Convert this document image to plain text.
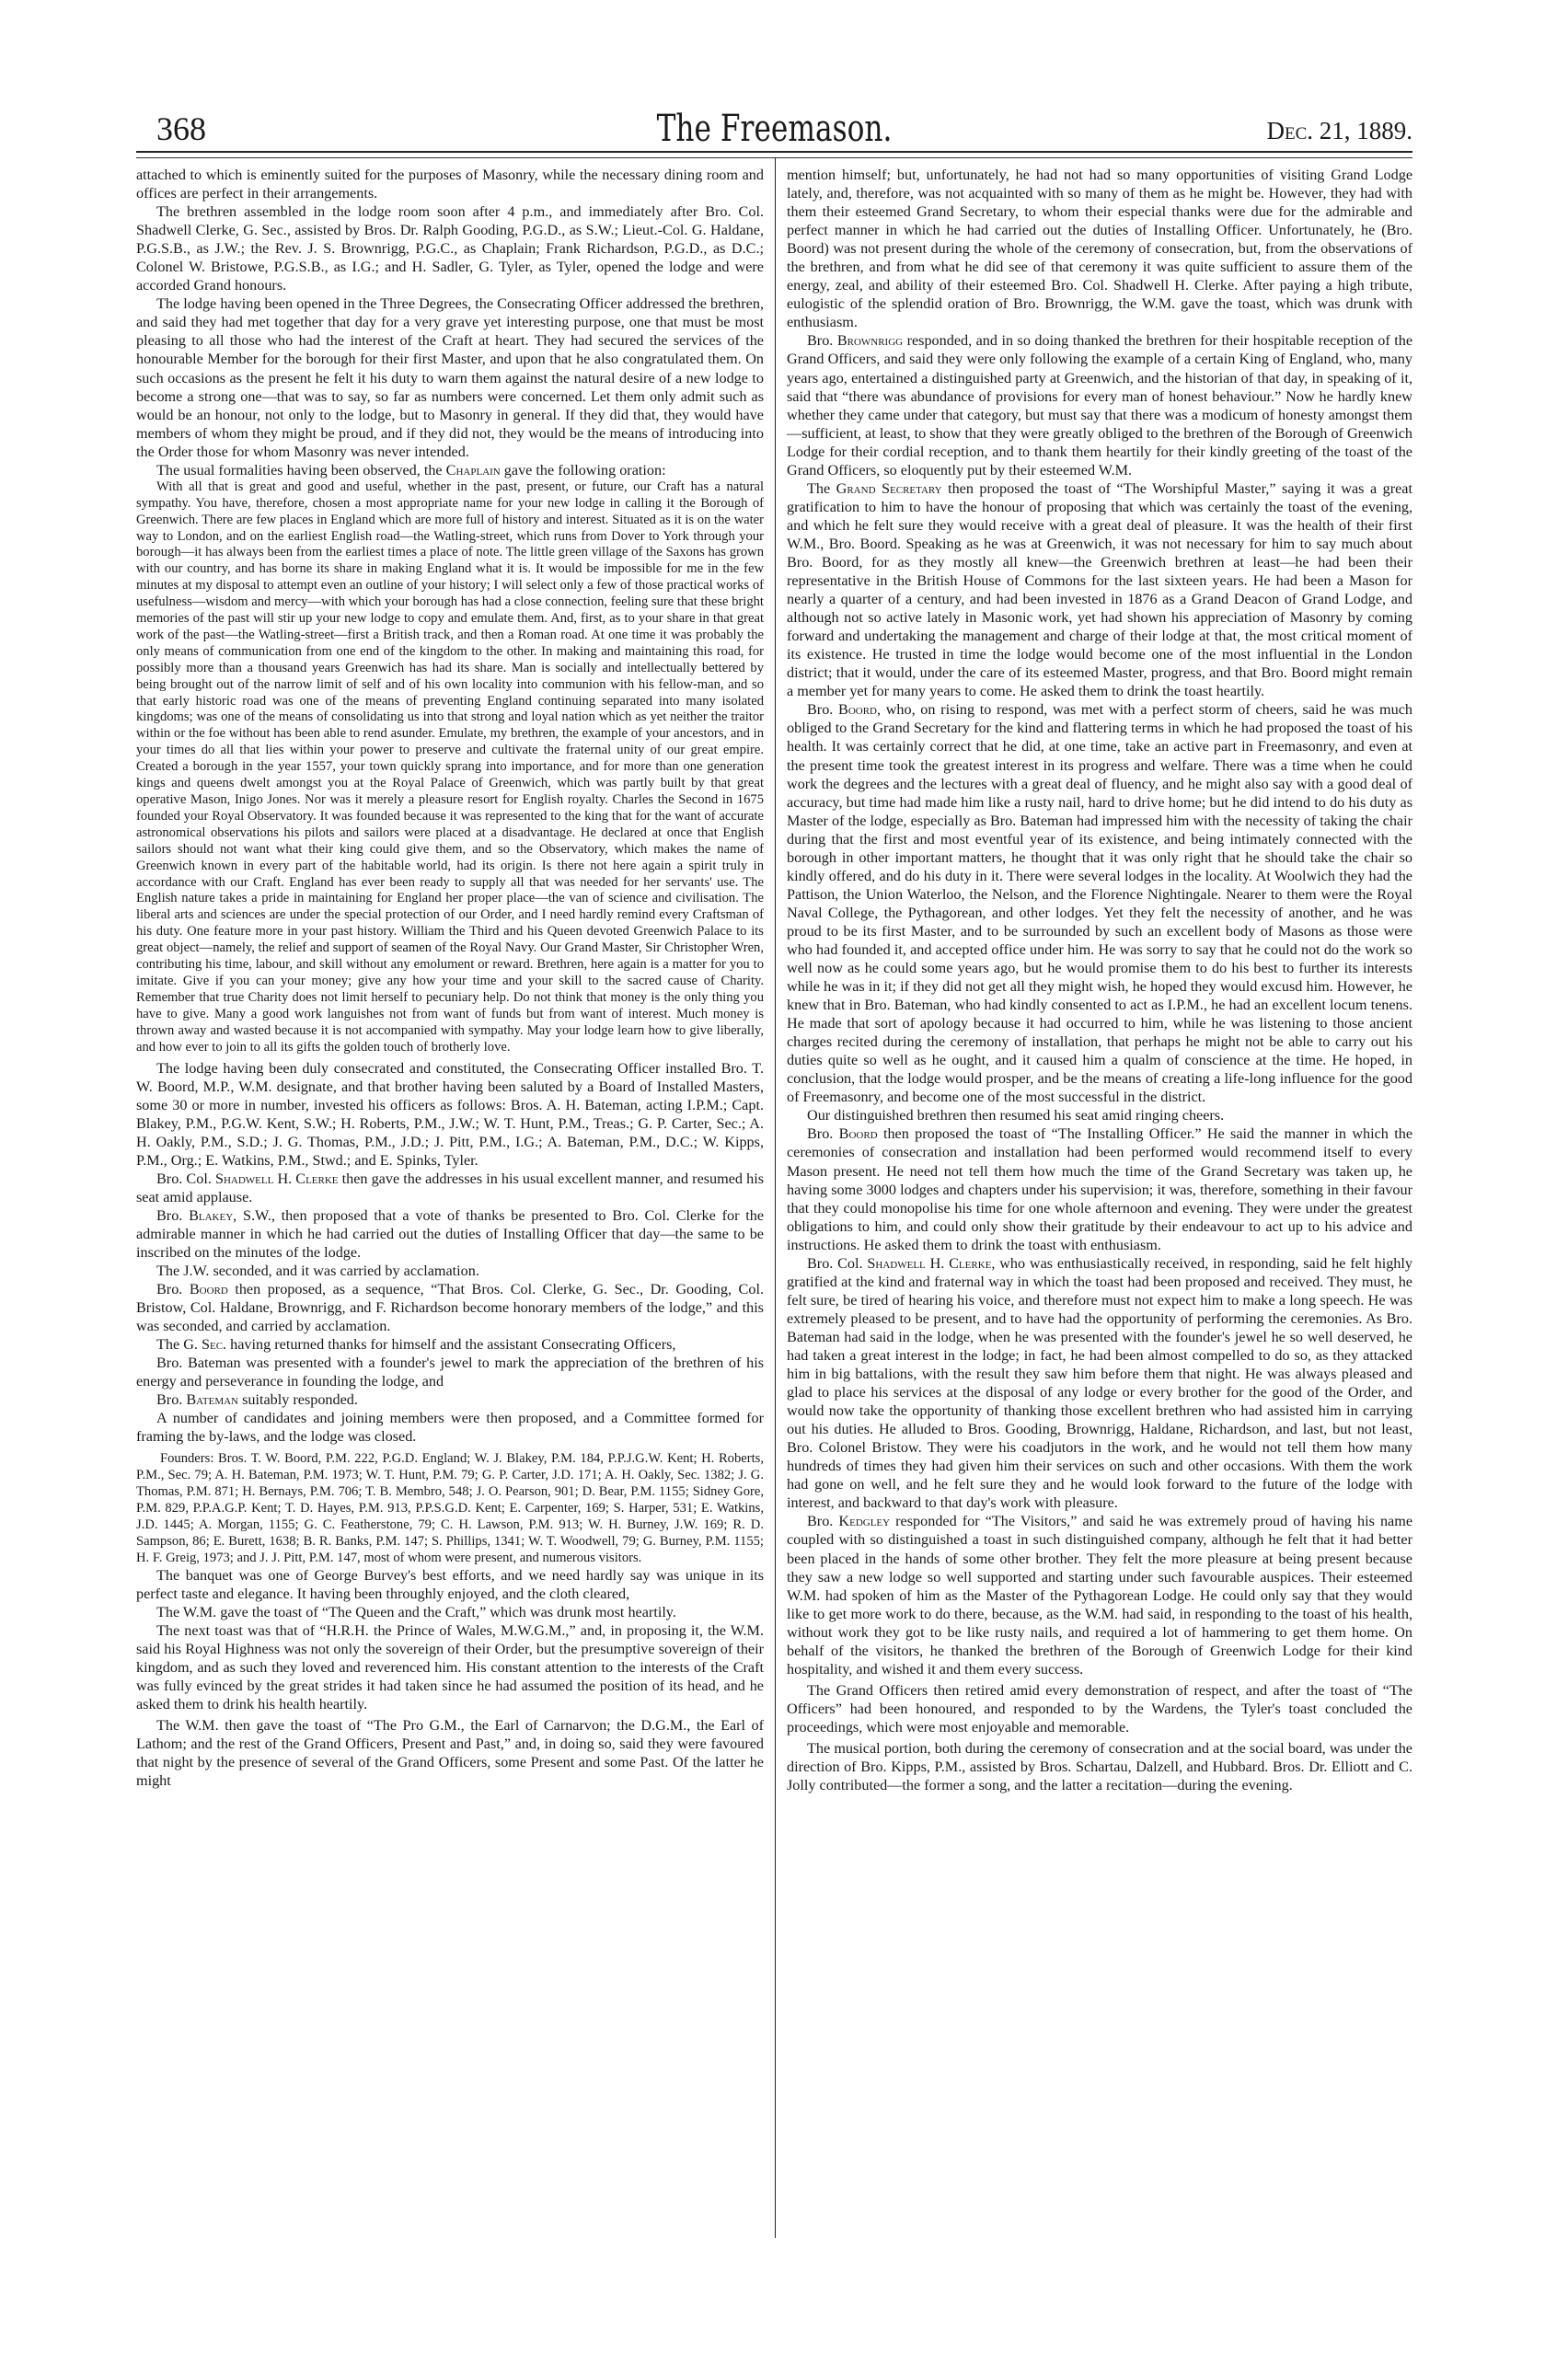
368	The Freemason.	Dec. 21, 1889.

attached to which is eminently suited for the purposes of Masonry, while the necessary dining room and offices are perfect in their arrangements.

The brethren assembled in the lodge room soon after 4 p.m., and immediately after Bro. Col. Shadwell Clerke, G. Sec., assisted by Bros. Dr. Ralph Gooding, P.G.D., as S.W.; Lieut.-Col. G. Haldane, P.G.S.B., as J.W.; the Rev. J. S. Brownrigg, P.G.C., as Chaplain; Frank Richardson, P.G.D., as D.C.; Colonel W. Bristowe, P.G.S.B., as I.G.; and H. Sadler, G. Tyler, as Tyler, opened the lodge and were accorded Grand honours.

The lodge having been opened in the Three Degrees, the Consecrating Officer addressed the brethren, and said they had met together that day for a very grave yet interesting purpose, one that must be most pleasing to all those who had the interest of the Craft at heart. They had secured the services of the honourable Member for the borough for their first Master, and upon that he also congratulated them. On such occasions as the present he felt it his duty to warn them against the natural desire of a new lodge to become a strong one—that was to say, so far as numbers were concerned. Let them only admit such as would be an honour, not only to the lodge, but to Masonry in general. If they did that, they would have members of whom they might be proud, and if they did not, they would be the means of introducing into the Order those for whom Masonry was never intended.

The usual formalities having been observed, the Chaplain gave the following oration:

With all that is great and good and useful, whether in the past, present, or future, our Craft has a natural sympathy. You have, therefore, chosen a most appropriate name for your new lodge in calling it the Borough of Greenwich. There are few places in England which are more full of history and interest. Situated as it is on the water way to London, and on the earliest English road—the Watling-street, which runs from Dover to York through your borough—it has always been from the earliest times a place of note. The little green village of the Saxons has grown with our country, and has borne its share in making England what it is. It would be impossible for me in the few minutes at my disposal to attempt even an outline of your history; I will select only a few of those practical works of usefulness—wisdom and mercy—with which your borough has had a close connection, feeling sure that these bright memories of the past will stir up your new lodge to copy and emulate them. And, first, as to your share in that great work of the past—the Watling-street—first a British track, and then a Roman road. At one time it was probably the only means of communication from one end of the kingdom to the other. In making and maintaining this road, for possibly more than a thousand years Greenwich has had its share. Man is socially and intellectually bettered by being brought out of the narrow limit of self and of his own locality into communion with his fellow-man, and so that early historic road was one of the means of preventing England continuing separated into many isolated kingdoms; was one of the means of consolidating us into that strong and loyal nation which as yet neither the traitor within or the foe without has been able to rend asunder. Emulate, my brethren, the example of your ancestors, and in your times do all that lies within your power to preserve and cultivate the fraternal unity of our great empire. Created a borough in the year 1557, your town quickly sprang into importance, and for more than one generation kings and queens dwelt amongst you at the Royal Palace of Greenwich, which was partly built by that great operative Mason, Inigo Jones. Nor was it merely a pleasure resort for English royalty. Charles the Second in 1675 founded your Royal Observatory. It was founded because it was represented to the king that for the want of accurate astronomical observations his pilots and sailors were placed at a disadvantage. He declared at once that English sailors should not want what their king could give them, and so the Observatory, which makes the name of Greenwich known in every part of the habitable world, had its origin. Is there not here again a spirit truly in accordance with our Craft. England has ever been ready to supply all that was needed for her servants' use. The English nature takes a pride in maintaining for England her proper place—the van of science and civilisation. The liberal arts and sciences are under the special protection of our Order, and I need hardly remind every Craftsman of his duty. One feature more in your past history. William the Third and his Queen devoted Greenwich Palace to its great object—namely, the relief and support of seamen of the Royal Navy. Our Grand Master, Sir Christopher Wren, contributing his time, labour, and skill without any emolument or reward. Brethren, here again is a matter for you to imitate. Give if you can your money; give any how your time and your skill to the sacred cause of Charity. Remember that true Charity does not limit herself to pecuniary help. Do not think that money is the only thing you have to give. Many a good work languishes not from want of funds but from want of interest. Much money is thrown away and wasted because it is not accompanied with sympathy. May your lodge learn how to give liberally, and how ever to join to all its gifts the golden touch of brotherly love.

The lodge having been duly consecrated and constituted, the Consecrating Officer installed Bro. T. W. Boord, M.P., W.M. designate, and that brother having been saluted by a Board of Installed Masters, some 30 or more in number, invested his officers as follows: Bros. A. H. Bateman, acting I.P.M.; Capt. Blakey, P.M., P.G.W. Kent, S.W.; H. Roberts, P.M., J.W.; W. T. Hunt, P.M., Treas.; G. P. Carter, Sec.; A. H. Oakly, P.M., S.D.; J. G. Thomas, P.M., J.D.; J. Pitt, P.M., I.G.; A. Bateman, P.M., D.C.; W. Kipps, P.M., Org.; E. Watkins, P.M., Stwd.; and E. Spinks, Tyler.

Bro. Col. Shadwell H. Clerke then gave the addresses in his usual excellent manner, and resumed his seat amid applause.

Bro. Blakey, S.W., then proposed that a vote of thanks be presented to Bro. Col. Clerke for the admirable manner in which he had carried out the duties of Installing Officer that day—the same to be inscribed on the minutes of the lodge.

The J.W. seconded, and it was carried by acclamation.

Bro. Boord then proposed, as a sequence, “That Bros. Col. Clerke, G. Sec., Dr. Gooding, Col. Bristow, Col. Haldane, Brownrigg, and F. Richardson become honorary members of the lodge,” and this was seconded, and carried by acclamation.

The G. Sec. having returned thanks for himself and the assistant Consecrating Officers,

Bro. Bateman was presented with a founder's jewel to mark the appreciation of the brethren of his energy and perseverance in founding the lodge, and

Bro. Bateman suitably responded.

A number of candidates and joining members were then proposed, and a Committee formed for framing the by-laws, and the lodge was closed.

Founders: Bros. T. W. Boord, P.M. 222, P.G.D. England; W. J. Blakey, P.M. 184, P.P.J.G.W. Kent; H. Roberts, P.M., Sec. 79; A. H. Bateman, P.M. 1973; W. T. Hunt, P.M. 79; G. P. Carter, J.D. 171; A. H. Oakly, Sec. 1382; J. G. Thomas, P.M. 871; H. Bernays, P.M. 706; T. B. Membro, 548; J. O. Pearson, 901; D. Bear, P.M. 1155; Sidney Gore, P.M. 829, P.P.A.G.P. Kent; T. D. Hayes, P.M. 913, P.P.S.G.D. Kent; E. Carpenter, 169; S. Harper, 531; E. Watkins, J.D. 1445; A. Morgan, 1155; G. C. Featherstone, 79; C. H. Lawson, P.M. 913; W. H. Burney, J.W. 169; R. D. Sampson, 86; E. Burett, 1638; B. R. Banks, P.M. 147; S. Phillips, 1341; W. T. Woodwell, 79; G. Burney, P.M. 1155; H. F. Greig, 1973; and J. J. Pitt, P.M. 147, most of whom were present, and numerous visitors.

The banquet was one of George Burvey's best efforts, and we need hardly say was unique in its perfect taste and elegance. It having been throughly enjoyed, and the cloth cleared,

The W.M. gave the toast of “The Queen and the Craft,” which was drunk most heartily.

The next toast was that of “H.R.H. the Prince of Wales, M.W.G.M.,” and, in proposing it, the W.M. said his Royal Highness was not only the sovereign of their Order, but the presumptive sovereign of their kingdom, and as such they loved and reverenced him. His constant attention to the interests of the Craft was fully evinced by the great strides it had taken since he had assumed the position of its head, and he asked them to drink his health heartily.

The W.M. then gave the toast of “The Pro G.M., the Earl of Carnarvon; the D.G.M., the Earl of Lathom; and the rest of the Grand Officers, Present and Past,” and, in doing so, said they were favoured that night by the presence of several of the Grand Officers, some Present and some Past. Of the latter he might

mention himself; but, unfortunately, he had not had so many opportunities of visiting Grand Lodge lately, and, therefore, was not acquainted with so many of them as he might be. However, they had with them their esteemed Grand Secretary, to whom their especial thanks were due for the admirable and perfect manner in which he had carried out the duties of Installing Officer. Unfortunately, he (Bro. Boord) was not present during the whole of the ceremony of consecration, but, from the observations of the brethren, and from what he did see of that ceremony it was quite sufficient to assure them of the energy, zeal, and ability of their esteemed Bro. Col. Shadwell H. Clerke. After paying a high tribute, eulogistic of the splendid oration of Bro. Brownrigg, the W.M. gave the toast, which was drunk with enthusiasm.

Bro. Brownrigg responded, and in so doing thanked the brethren for their hospitable reception of the Grand Officers, and said they were only following the example of a certain King of England, who, many years ago, entertained a distinguished party at Greenwich, and the historian of that day, in speaking of it, said that “there was abundance of provisions for every man of honest behaviour.” Now he hardly knew whether they came under that category, but must say that there was a modicum of honesty amongst them—sufficient, at least, to show that they were greatly obliged to the brethren of the Borough of Greenwich Lodge for their cordial reception, and to thank them heartily for their kindly greeting of the toast of the Grand Officers, so eloquently put by their esteemed W.M.

The Grand Secretary then proposed the toast of “The Worshipful Master,” saying it was a great gratification to him to have the honour of proposing that which was certainly the toast of the evening, and which he felt sure they would receive with a great deal of pleasure. It was the health of their first W.M., Bro. Boord. Speaking as he was at Greenwich, it was not necessary for him to say much about Bro. Boord, for as they mostly all knew—the Greenwich brethren at least—he had been their representative in the British House of Commons for the last sixteen years. He had been a Mason for nearly a quarter of a century, and had been invested in 1876 as a Grand Deacon of Grand Lodge, and although not so active lately in Masonic work, yet had shown his appreciation of Masonry by coming forward and undertaking the management and charge of their lodge at that, the most critical moment of its existence. He trusted in time the lodge would become one of the most influential in the London district; that it would, under the care of its esteemed Master, progress, and that Bro. Boord might remain a member yet for many years to come. He asked them to drink the toast heartily.

Bro. Boord, who, on rising to respond, was met with a perfect storm of cheers, said he was much obliged to the Grand Secretary for the kind and flattering terms in which he had proposed the toast of his health. It was certainly correct that he did, at one time, take an active part in Freemasonry, and even at the present time took the greatest interest in its progress and welfare. There was a time when he could work the degrees and the lectures with a great deal of fluency, and he might also say with a good deal of accuracy, but time had made him like a rusty nail, hard to drive home; but he did intend to do his duty as Master of the lodge, especially as Bro. Bateman had impressed him with the necessity of taking the chair during that the first and most eventful year of its existence, and being intimately connected with the borough in other important matters, he thought that it was only right that he should take the chair so kindly offered, and do his duty in it. There were several lodges in the locality. At Woolwich they had the Pattison, the Union Waterloo, the Nelson, and the Florence Nightingale. Nearer to them were the Royal Naval College, the Pythagorean, and other lodges. Yet they felt the necessity of another, and he was proud to be its first Master, and to be surrounded by such an excellent body of Masons as those were who had founded it, and accepted office under him. He was sorry to say that he could not do the work so well now as he could some years ago, but he would promise them to do his best to further its interests while he was in it; if they did not get all they might wish, he hoped they would excusd him. However, he knew that in Bro. Bateman, who had kindly consented to act as I.P.M., he had an excellent locum tenens. He made that sort of apology because it had occurred to him, while he was listening to those ancient charges recited during the ceremony of installation, that perhaps he might not be able to carry out his duties quite so well as he ought, and it caused him a qualm of conscience at the time. He hoped, in conclusion, that the lodge would prosper, and be the means of creating a life-long influence for the good of Freemasonry, and become one of the most successful in the district.

Our distinguished brethren then resumed his seat amid ringing cheers.

Bro. Boord then proposed the toast of “The Installing Officer.” He said the manner in which the ceremonies of consecration and installation had been performed would recommend itself to every Mason present. He need not tell them how much the time of the Grand Secretary was taken up, he having some 3000 lodges and chapters under his supervision; it was, therefore, something in their favour that they could monopolise his time for one whole afternoon and evening. They were under the greatest obligations to him, and could only show their gratitude by their endeavour to act up to his advice and instructions. He asked them to drink the toast with enthusiasm.

Bro. Col. Shadwell H. Clerke, who was enthusiastically received, in responding, said he felt highly gratified at the kind and fraternal way in which the toast had been proposed and received. They must, he felt sure, be tired of hearing his voice, and therefore must not expect him to make a long speech. He was extremely pleased to be present, and to have had the opportunity of performing the ceremonies. As Bro. Bateman had said in the lodge, when he was presented with the founder's jewel he so well deserved, he had taken a great interest in the lodge; in fact, he had been almost compelled to do so, as they attacked him in big battalions, with the result they saw him before them that night. He was always pleased and glad to place his services at the disposal of any lodge or every brother for the good of the Order, and would now take the opportunity of thanking those excellent brethren who had assisted him in carrying out his duties. He alluded to Bros. Gooding, Brownrigg, Haldane, Richardson, and last, but not least, Bro. Colonel Bristow. They were his coadjutors in the work, and he would not tell them how many hundreds of times they had given him their services on such and other occasions. With them the work had gone on well, and he felt sure they and he would look forward to the future of the lodge with interest, and backward to that day's work with pleasure.

Bro. Kedgley responded for “The Visitors,” and said he was extremely proud of having his name coupled with so distinguished a toast in such distinguished company, although he felt that it had better been placed in the hands of some other brother. They felt the more pleasure at being present because they saw a new lodge so well supported and starting under such favourable auspices. Their esteemed W.M. had spoken of him as the Master of the Pythagorean Lodge. He could only say that they would like to get more work to do there, because, as the W.M. had said, in responding to the toast of his health, without work they got to be like rusty nails, and required a lot of hammering to get them home. On behalf of the visitors, he thanked the brethren of the Borough of Greenwich Lodge for their kind hospitality, and wished it and them every success.

The Grand Officers then retired amid every demonstration of respect, and after the toast of “The Officers” had been honoured, and responded to by the Wardens, the Tyler's toast concluded the proceedings, which were most enjoyable and memorable.

The musical portion, both during the ceremony of consecration and at the social board, was under the direction of Bro. Kipps, P.M., assisted by Bros. Schartau, Dalzell, and Hubbard. Bros. Dr. Elliott and C. Jolly contributed—the former a song, and the latter a recitation—during the evening.
